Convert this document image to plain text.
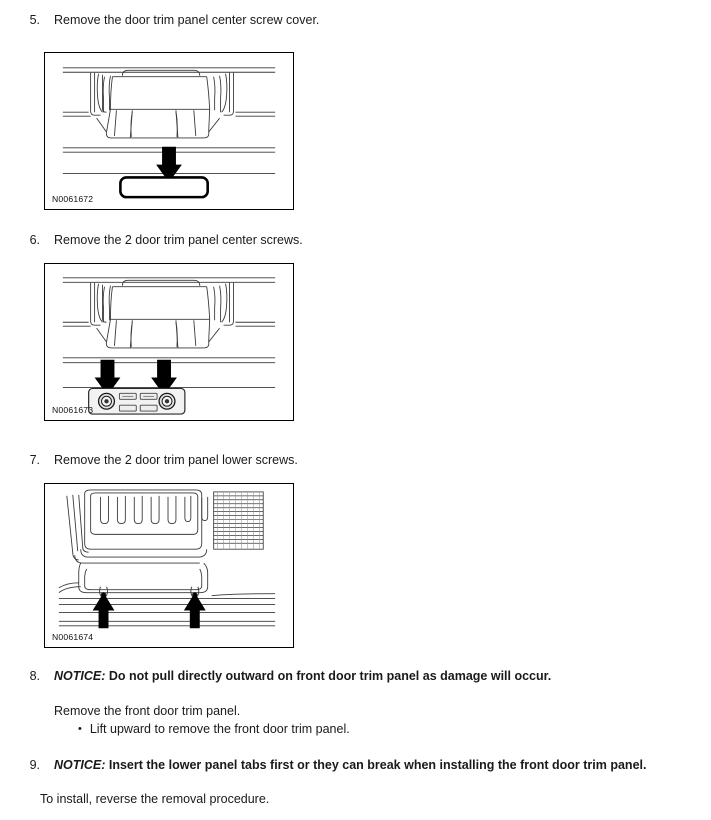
5. Remove the door trim panel center screw cover.
N0061672
6. Remove the 2 door trim panel center screws.
N0061673
7. Remove the 2 door trim panel lower screws.
N0061674
8. NOTICE: Do not pull directly outward on front door trim panel as damage will occur.
Remove the front door trim panel.
• Lift upward to remove the front door trim panel.
9. NOTICE: Insert the lower panel tabs first or they can break when installing the front door trim panel.
To install, reverse the removal procedure.
